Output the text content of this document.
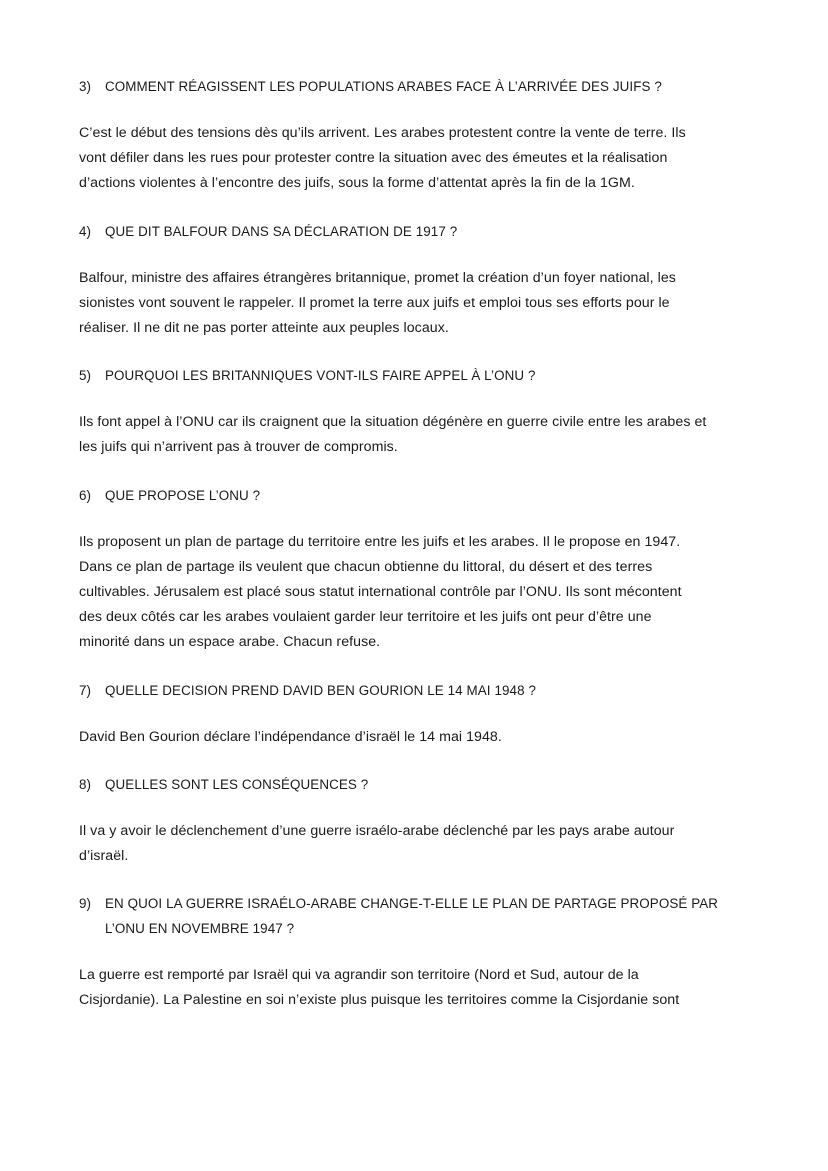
3)	COMMENT RÉAGISSENT LES POPULATIONS ARABES FACE À L’ARRIVÉE DES JUIFS ?
C’est le début des tensions dès qu’ils arrivent. Les arabes protestent contre la vente de terre. Ils
vont défiler dans les rues pour protester contre la situation avec des émeutes et la réalisation
d’actions violentes à l’encontre des juifs, sous la forme d’attentat après la fin de la 1GM.
4)	QUE DIT BALFOUR DANS SA DÉCLARATION DE 1917 ?
Balfour, ministre des affaires étrangères britannique, promet la création d’un foyer national, les
sionistes vont souvent le rappeler. Il promet la terre aux juifs et emploi tous ses efforts pour le
réaliser. Il ne dit ne pas porter atteinte aux peuples locaux.
5)	POURQUOI LES BRITANNIQUES VONT-ILS FAIRE APPEL À L’ONU ?
Ils font appel à l’ONU car ils craignent que la situation dégénère en guerre civile entre les arabes et
les juifs qui n’arrivent pas à trouver de compromis.
6)	QUE PROPOSE L’ONU ?
Ils proposent un plan de partage du territoire entre les juifs et les arabes. Il le propose en 1947.
Dans ce plan de partage ils veulent que chacun obtienne du littoral, du désert et des terres
cultivables. Jérusalem est placé sous statut international contrôle par l’ONU. Ils sont mécontent
des deux côtés car les arabes voulaient garder leur territoire et les juifs ont peur d’être une
minorité dans un espace arabe. Chacun refuse.
7)	QUELLE DECISION PREND DAVID BEN GOURION LE 14 MAI 1948 ?
David Ben Gourion déclare l’indépendance d’israël le 14 mai 1948.
8)	QUELLES SONT LES CONSÉQUENCES ?
Il va y avoir le déclenchement d’une guerre israélo-arabe déclenché par les pays arabe autour
d’israël.
9)	EN QUOI LA GUERRE ISRAÉLO-ARABE CHANGE-T-ELLE LE PLAN DE PARTAGE PROPOSÉ PAR
L’ONU EN NOVEMBRE 1947 ?
La guerre est remporté par Israël qui va agrandir son territoire (Nord et Sud, autour de la
Cisjordanie). La Palestine en soi n’existe plus puisque les territoires comme la Cisjordanie sont
